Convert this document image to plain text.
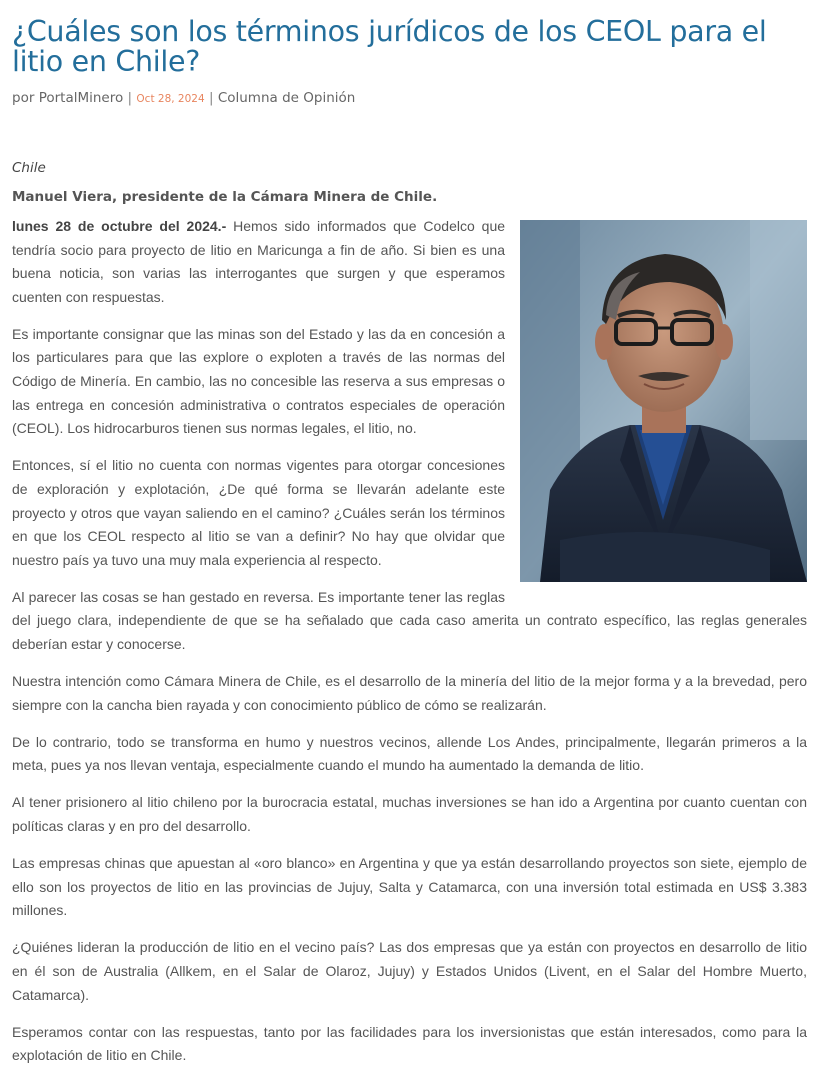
¿Cuáles son los términos jurídicos de los CEOL para el litio en Chile?
por PortalMinero | Oct 28, 2024 | Columna de Opinión
Chile
Manuel Viera, presidente de la Cámara Minera de Chile.

lunes 28 de octubre del 2024.- Hemos sido informados que Codelco que tendría socio para proyecto de litio en Maricunga a fin de año. Si bien es una buena noticia, son varias las interrogantes que surgen y que esperamos cuenten con respuestas.

Es importante consignar que las minas son del Estado y las da en concesión a los particulares para que las explore o exploten a través de las normas del Código de Minería. En cambio, las no concesible las reserva a sus empresas o las entrega en concesión administrativa o contratos especiales de operación (CEOL). Los hidrocarburos tienen sus normas legales, el litio, no.

Entonces, sí el litio no cuenta con normas vigentes para otorgar concesiones de exploración y explotación, ¿De qué forma se llevarán adelante este proyecto y otros que vayan saliendo en el camino? ¿Cuáles serán los términos en que los CEOL respecto al litio se van a definir? No hay que olvidar que nuestro país ya tuvo una muy mala experiencia al respecto.

Al parecer las cosas se han gestado en reversa. Es importante tener las reglas del juego clara, independiente de que se ha señalado que cada caso amerita un contrato específico, las reglas generales deberían estar y conocerse.

Nuestra intención como Cámara Minera de Chile, es el desarrollo de la minería del litio de la mejor forma y a la brevedad, pero siempre con la cancha bien rayada y con conocimiento público de cómo se realizarán.

De lo contrario, todo se transforma en humo y nuestros vecinos, allende Los Andes, principalmente, llegarán primeros a la meta, pues ya nos llevan ventaja, especialmente cuando el mundo ha aumentado la demanda de litio.

Al tener prisionero al litio chileno por la burocracia estatal, muchas inversiones se han ido a Argentina por cuanto cuentan con políticas claras y en pro del desarrollo.

Las empresas chinas que apuestan al «oro blanco» en Argentina y que ya están desarrollando proyectos son siete, ejemplo de ello son los proyectos de litio en las provincias de Jujuy, Salta y Catamarca, con una inversión total estimada en US$ 3.383 millones.

¿Quiénes lideran la producción de litio en el vecino país? Las dos empresas que ya están con proyectos en desarrollo de litio en él son de Australia (Allkem, en el Salar de Olaroz, Jujuy) y Estados Unidos (Livent, en el Salar del Hombre Muerto, Catamarca).

Esperamos contar con las respuestas, tanto por las facilidades para los inversionistas que están interesados, como para la explotación de litio en Chile.
